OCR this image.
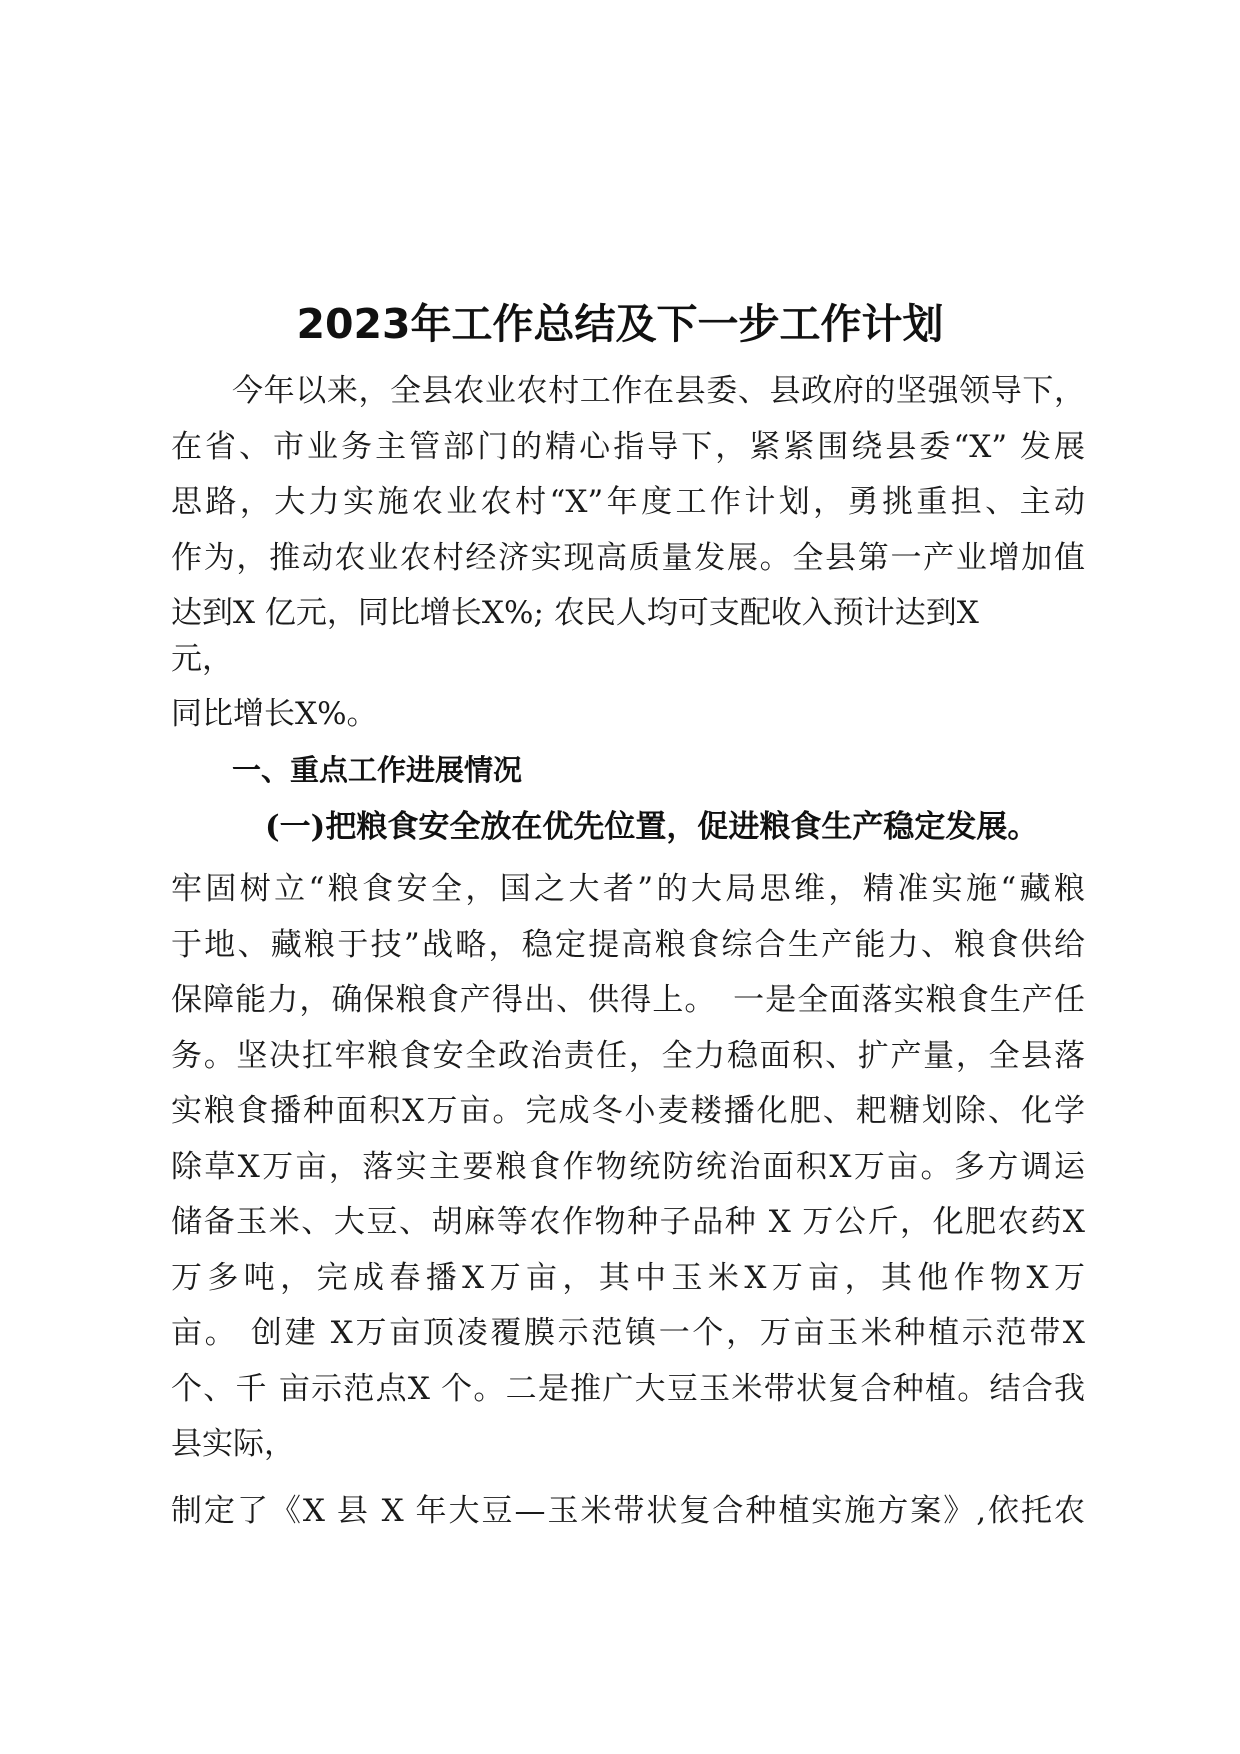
2023年工作总结及下一步工作计划
今年以来，全县农业农村工作在县委、县政府的坚强领导下，
在省、市业务主管部门的精心指导下，紧紧围绕县委“X” 发展
思路，大力实施农业农村“X”年度工作计划，勇挑重担、主动
作为，推动农业农村经济实现高质量发展。全县第一产业增加值
达到X 亿元，同比增长X%; 农民人均可支配收入预计达到X
元，
同比增长X%。
一、重点工作进展情况
(一)把粮食安全放在优先位置，促进粮食生产稳定发展。
牢固树立“粮食安全，国之大者”的大局思维，精准实施“藏粮
于地、藏粮于技”战略，稳定提高粮食综合生产能力、粮食供给
保障能力，确保粮食产得出、供得上。　一是全面落实粮食生产任
务。坚决扛牢粮食安全政治责任，全力稳面积、扩产量，全县落
实粮食播种面积X万亩。完成冬小麦耧播化肥、耙糖划除、化学
除草X万亩，落实主要粮食作物统防统治面积X万亩。多方调运
储备玉米、大豆、胡麻等农作物种子品种 X 万公斤，化肥农药X
万多吨，完成春播X万亩，其中玉米X万亩，其他作物X万
亩。 创建 X万亩顶凌覆膜示范镇一个，万亩玉米种植示范带X
个、千 亩示范点X 个。二是推广大豆玉米带状复合种植。结合我
县实际，
制定了《X 县 X 年大豆—玉米带状复合种植实施方案》,依托农
